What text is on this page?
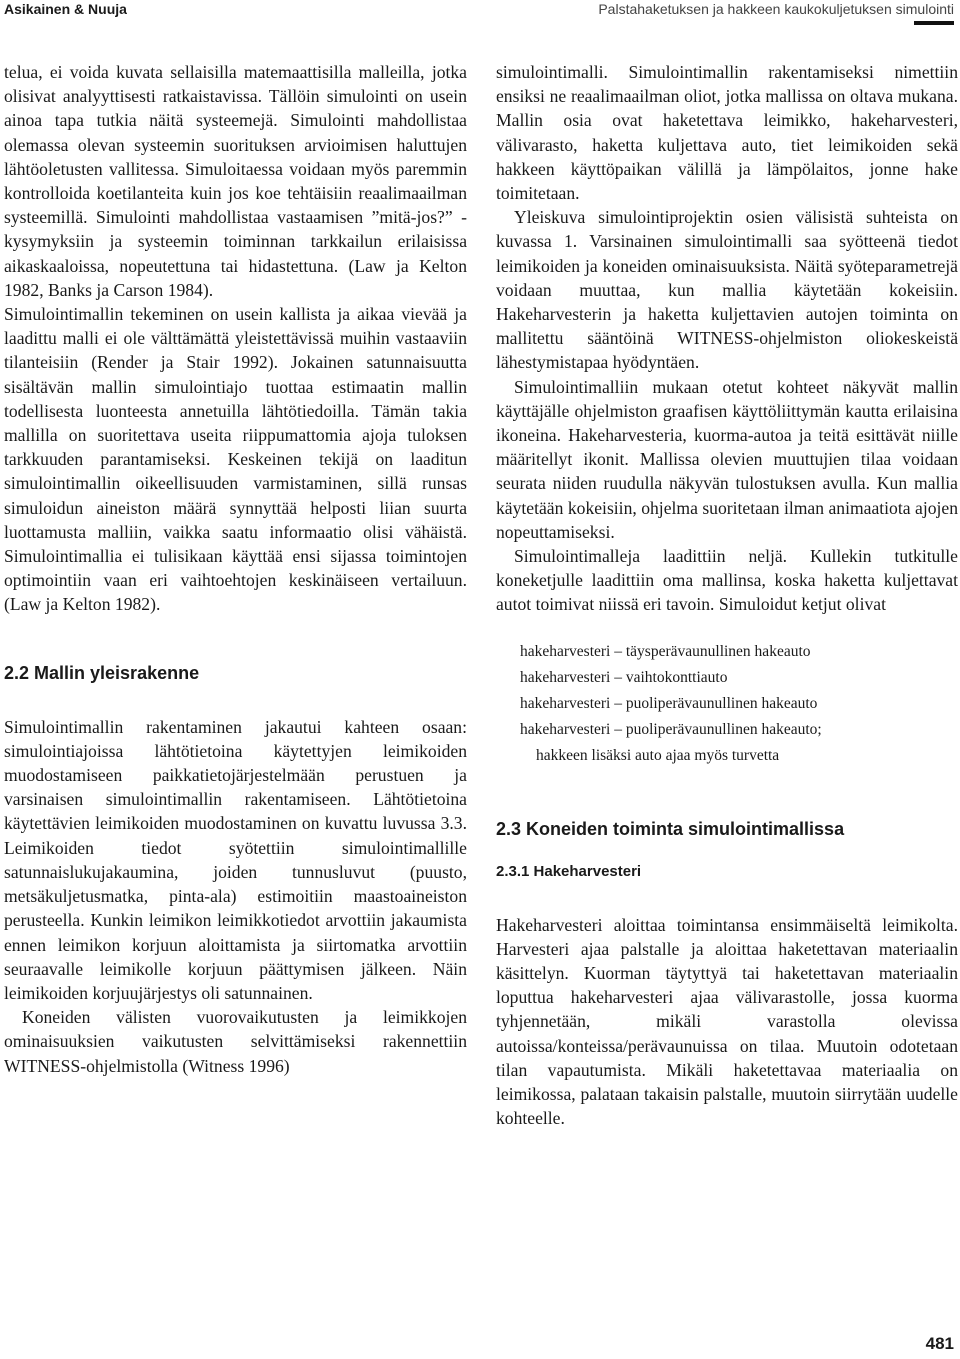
Asikainen & Nuuja	Palstahaketuksen ja hakkeen kaukokuljetuksen simulointi

telua, ei voida kuvata sellaisilla matemaattisilla malleilla, jotka olisivat analyyttisesti ratkaistavissa. Tällöin simulointi on usein ainoa tapa tutkia näitä systeemejä. Simulointi mahdollistaa olemassa olevan systeemin suorituksen arvioimisen haluttujen lähtöoletusten vallitessa. Simuloitaessa voidaan myös paremmin kontrolloida koetilanteita kuin jos koe tehtäisiin reaalimaailman systeemillä. Simulointi mahdollistaa vastaamisen ”mitä-jos?” -kysymyksiin ja systeemin toiminnan tarkkailun erilaisissa aikaskaaloissa, nopeutettuna tai hidastettuna. (Law ja Kelton 1982, Banks ja Carson 1984).

Simulointimallin tekeminen on usein kallista ja aikaa vievää ja laadittu malli ei ole välttämättä yleistettävissä muihin vastaaviin tilanteisiin (Render ja Stair 1992). Jokainen satunnaisuutta sisältävän mallin simulointiajo tuottaa estimaatin mallin todellisesta luonteesta annetuilla lähtötiedoilla. Tämän takia mallilla on suoritettava useita riippumattomia ajoja tuloksen tarkkuuden parantamiseksi. Keskeinen tekijä on laaditun simulointimallin oikeellisuuden varmistaminen, sillä runsas simuloidun aineiston määrä synnyttää helposti liian suurta luottamusta malliin, vaikka saatu informaatio olisi vähäistä. Simulointimallia ei tulisikaan käyttää ensi sijassa toimintojen optimointiin vaan eri vaihtoehtojen keskinäiseen vertailuun. (Law ja Kelton 1982).

2.2 Mallin yleisrakenne

Simulointimallin rakentaminen jakautui kahteen osaan: simulointiajoissa lähtötietoina käytettyjen leimikoiden muodostamiseen paikkatietojärjestelmään perustuen ja varsinaisen simulointimallin rakentamiseen. Lähtötietoina käytettävien leimikoiden muodostaminen on kuvattu luvussa 3.3. Leimikoiden tiedot syötettiin simulointimallille satunnaislukujakaumina, joiden tunnusluvut (puusto, metsäkuljetusmatka, pinta-ala) estimoitiin maastoaineiston perusteella. Kunkin leimikon leimikkotiedot arvottiin jakaumista ennen leimikon korjuun aloittamista ja siirtomatka arvottiin seuraavalle leimikolle korjuun päättymisen jälkeen. Näin leimikoiden korjuujärjestys oli satunnainen.

Koneiden välisten vuorovaikutusten ja leimikkojen ominaisuuksien vaikutusten selvittämiseksi rakennettiin WITNESS-ohjelmistolla (Witness 1996)

simulointimalli. Simulointimallin rakentamiseksi nimettiin ensiksi ne reaalimaailman oliot, jotka mallissa on oltava mukana. Mallin osia ovat haketettava leimikko, hakeharvesteri, välivarasto, haketta kuljettava auto, tiet leimikoiden sekä hakkeen käyttöpaikan välillä ja lämpölaitos, jonne hake toimitetaan.

Yleiskuva simulointiprojektin osien välisistä suhteista on kuvassa 1. Varsinainen simulointimalli saa syötteenä tiedot leimikoiden ja koneiden ominaisuuksista. Näitä syöteparametrejä voidaan muuttaa, kun mallia käytetään kokeisiin. Hakeharvesterin ja haketta kuljettavien autojen toiminta on mallitettu sääntöinä WITNESS-ohjelmiston oliokeskeistä lähestymistapaa hyödyntäen.

Simulointimalliin mukaan otetut kohteet näkyvät mallin käyttäjälle ohjelmiston graafisen käyttöliittymän kautta erilaisina ikoneina. Hakeharvesteria, kuorma-autoa ja teitä esittävät niille määritellyt ikonit. Mallissa olevien muuttujien tilaa voidaan seurata niiden ruudulla näkyvän tulostuksen avulla. Kun mallia käytetään kokeisiin, ohjelma suoritetaan ilman animaatiota ajojen nopeuttamiseksi.

Simulointimalleja laadittiin neljä. Kullekin tutkitulle koneketjulle laadittiin oma mallinsa, koska haketta kuljettavat autot toimivat niissä eri tavoin. Simuloidut ketjut olivat

hakeharvesteri – täysperävaunullinen hakeauto
hakeharvesteri – vaihtokonttiauto
hakeharvesteri – puoliperävaunullinen hakeauto
hakeharvesteri – puoliperävaunullinen hakeauto;
hakkeen lisäksi auto ajaa myös turvetta
2.3 Koneiden toiminta simulointimallissa
2.3.1 Hakeharvesteri

Hakeharvesteri aloittaa toimintansa ensimmäiseltä leimikolta. Harvesteri ajaa palstalle ja aloittaa haketettavan materiaalin käsittelyn. Kuorman täytyttyä tai haketettavan materiaalin loputtua hakeharvesteri ajaa välivarastolle, jossa kuorma tyhjennetään, mikäli varastolla olevissa autoissa/konteissa/perävaunuissa on tilaa. Muutoin odotetaan tilan vapautumista. Mikäli haketettavaa materiaalia on leimikossa, palataan takaisin palstalle, muutoin siirrytään uudelle kohteelle.

481
